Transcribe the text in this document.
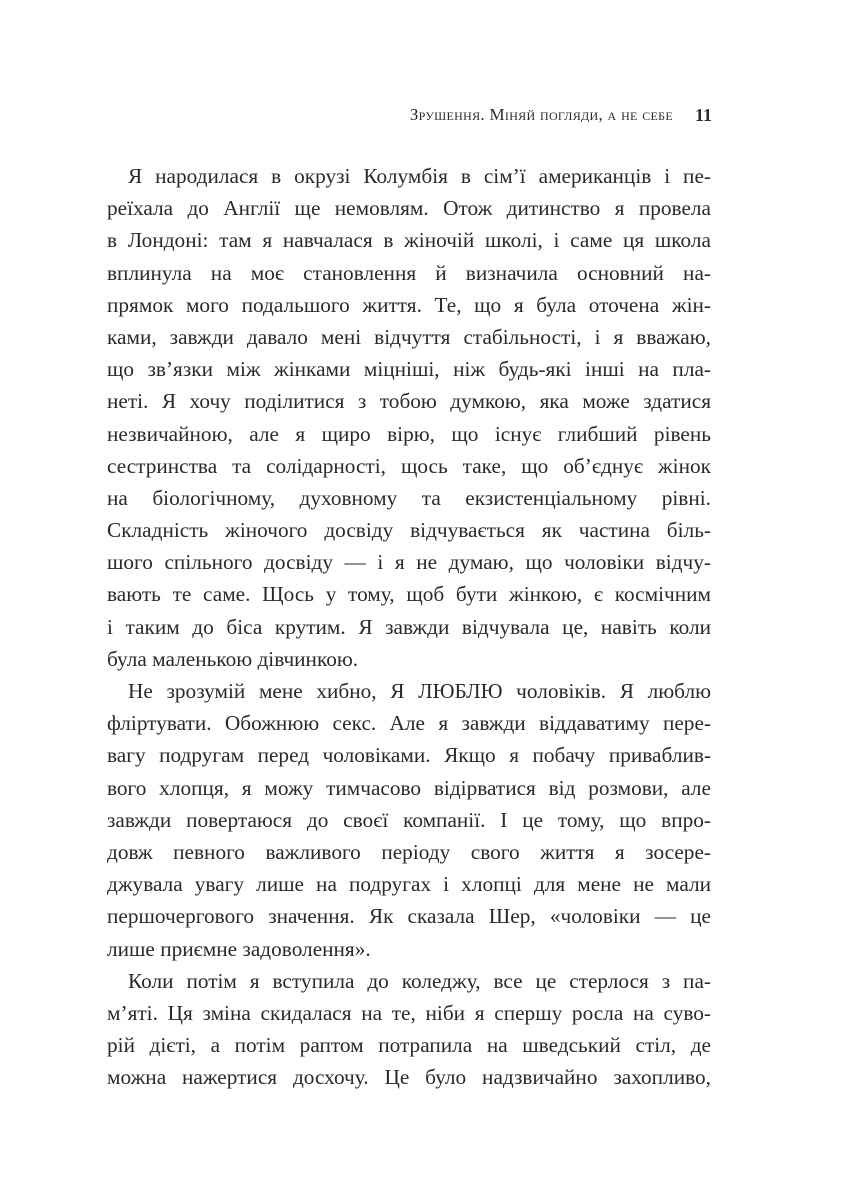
Зрушення. Міняй погляди, а не себе 11
Я народилася в окрузі Колумбія в сім’ї американців і пе-
реїхала до Англії ще немовлям. Отож дитинство я провела
в Лондоні: там я навчалася в жіночій школі, і саме ця школа
вплинула на моє становлення й визначила основний на-
прямок мого подальшого життя. Те, що я була оточена жін-
ками, завжди давало мені відчуття стабільності, і я вважаю,
що зв’язки між жінками міцніші, ніж будь-які інші на пла-
неті. Я хочу поділитися з тобою думкою, яка може здатися
незвичайною, але я щиро вірю, що існує глибший рівень
сестринства та солідарності, щось таке, що об’єднує жінок
на біологічному, духовному та екзистенціальному рівні.
Складність жіночого досвіду відчувається як частина біль-
шого спільного досвіду — і я не думаю, що чоловіки відчу-
вають те саме. Щось у тому, щоб бути жінкою, є космічним
і таким до біса крутим. Я завжди відчувала це, навіть коли
була маленькою дівчинкою.
Не зрозумій мене хибно, Я ЛЮБЛЮ чоловіків. Я люблю
фліртувати. Обожнюю секс. Але я завжди віддаватиму пере-
вагу подругам перед чоловіками. Якщо я побачу приваблив-
вого хлопця, я можу тимчасово відірватися від розмови, але
завжди повертаюся до своєї компанії. І це тому, що впро-
довж певного важливого періоду свого життя я зосере-
джувала увагу лише на подругах і хлопці для мене не мали
першочергового значення. Як сказала Шер, «чоловіки — це
лише приємне задоволення».
Коли потім я вступила до коледжу, все це стерлося з па-
м’яті. Ця зміна скидалася на те, ніби я спершу росла на суво-
рій дієті, а потім раптом потрапила на шведський стіл, де
можна нажертися досхочу. Це було надзвичайно захопливо,
